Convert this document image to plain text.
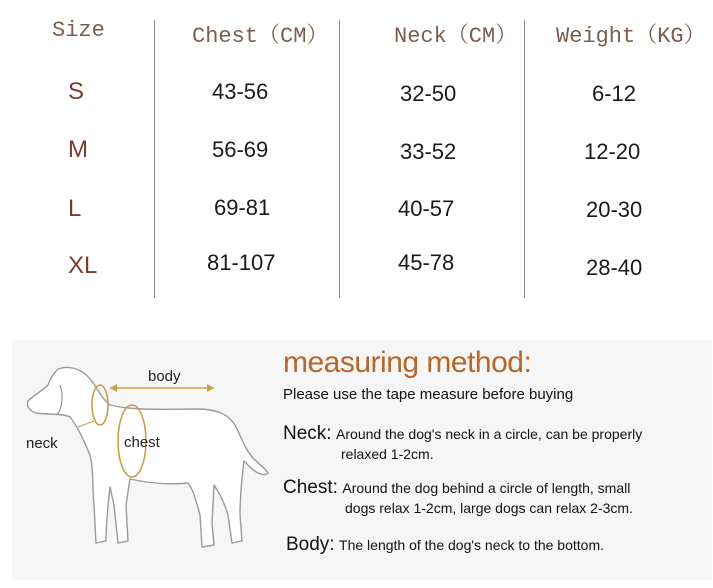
Size	Chest（CM）	Neck（CM） Weight（KG）
S	43-56	32-50	6-12
M	56-69	33-52	12-20
L	69-81	40-57	20-30
XL	81-107	45-78	28-40
body
neck	chest
measuring method:
Please use the tape measure before buying
Neck: Around the dog's neck in a circle, can be properly
relaxed 1-2cm.
Chest: Around the dog behind a circle of length, small
dogs relax 1-2cm, large dogs can relax 2-3cm.
Body: The length of the dog's neck to the bottom.
